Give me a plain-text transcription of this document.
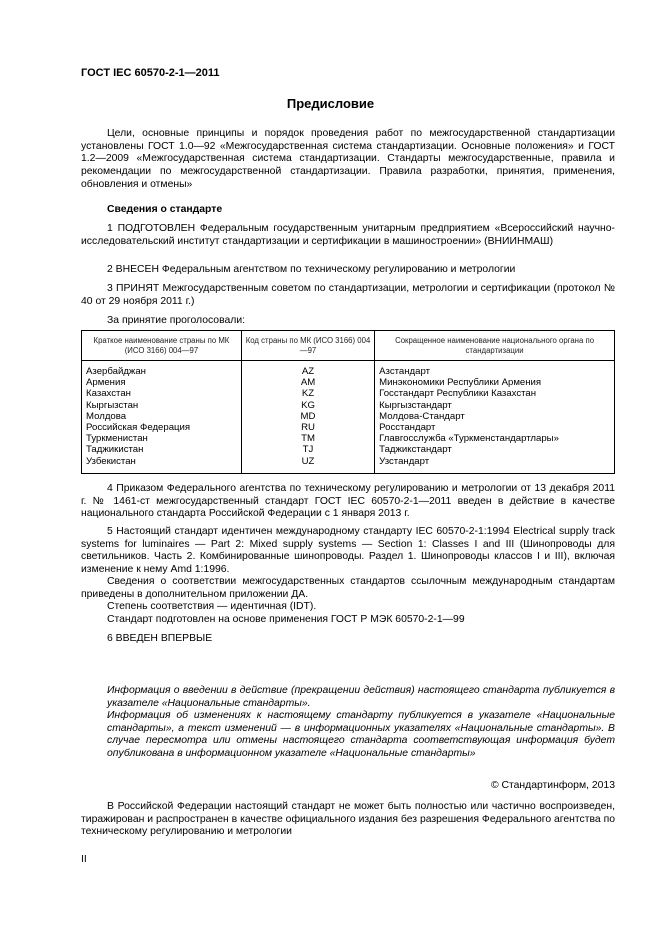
ГОСТ IEC 60570-2-1—2011
Предисловие
Цели, основные принципы и порядок проведения работ по межгосударственной стандартизации установлены ГОСТ 1.0—92 «Межгосударственная система стандартизации. Основные положения» и ГОСТ 1.2—2009 «Межгосударственная система стандартизации. Стандарты межгосударственные, правила и рекомендации по межгосударственной стандартизации. Правила разработки, принятия, применения, обновления и отмены»
Сведения о стандарте
1 ПОДГОТОВЛЕН Федеральным государственным унитарным предприятием «Всероссийский научно-исследовательский институт стандартизации и сертификации в машиностроении» (ВНИИНМАШ)
2 ВНЕСЕН Федеральным агентством по техническому регулированию и метрологии
3 ПРИНЯТ Межгосударственным советом по стандартизации, метрологии и сертификации (протокол № 40 от 29 ноября 2011 г.)
За принятие проголосовали:
Краткое наименование страны по МК (ИСО 3166) 004—97	Код страны по МК (ИСО 3166) 004—97	Сокращенное наименование национального органа по стандартизации
Азербайджан	AZ	Азстандарт
Армения	AM	Минэкономики Республики Армения
Казахстан	KZ	Госстандарт Республики Казахстан
Кыргызстан	KG	Кыргызстандарт
Молдова	MD	Молдова-Стандарт
Российская Федерация	RU	Росстандарт
Туркменистан	TM	Главгосслужба «Туркменстандартлары»
Таджикистан	TJ	Таджикстандарт
Узбекистан	UZ	Узстандарт
4 Приказом Федерального агентства по техническому регулированию и метрологии от 13 декабря 2011 г. № 1461-ст межгосударственный стандарт ГОСТ IEC 60570-2-1—2011 введен в действие в качестве национального стандарта Российской Федерации с 1 января 2013 г.
5 Настоящий стандарт идентичен международному стандарту IEC 60570-2-1:1994 Electrical supply track systems for luminaires — Part 2: Mixed supply systems — Section 1: Classes I and III (Шинопроводы для светильников. Часть 2. Комбинированные шинопроводы. Раздел 1. Шинопроводы классов I и III), включая изменение к нему Amd 1:1996.
Сведения о соответствии межгосударственных стандартов ссылочным международным стандартам приведены в дополнительном приложении ДА.
Степень соответствия — идентичная (IDT).
Стандарт подготовлен на основе применения ГОСТ Р МЭК 60570-2-1—99
6 ВВЕДЕН ВПЕРВЫЕ
Информация о введении в действие (прекращении действия) настоящего стандарта публикуется в указателе «Национальные стандарты».
Информация об изменениях к настоящему стандарту публикуется в указателе «Национальные стандарты», а текст изменений — в информационных указателях «Национальные стандарты». В случае пересмотра или отмены настоящего стандарта соответствующая информация будет опубликована в информационном указателе «Национальные стандарты»
© Стандартинформ, 2013
В Российской Федерации настоящий стандарт не может быть полностью или частично воспроизведен, тиражирован и распространен в качестве официального издания без разрешения Федерального агентства по техническому регулированию и метрологии
II
